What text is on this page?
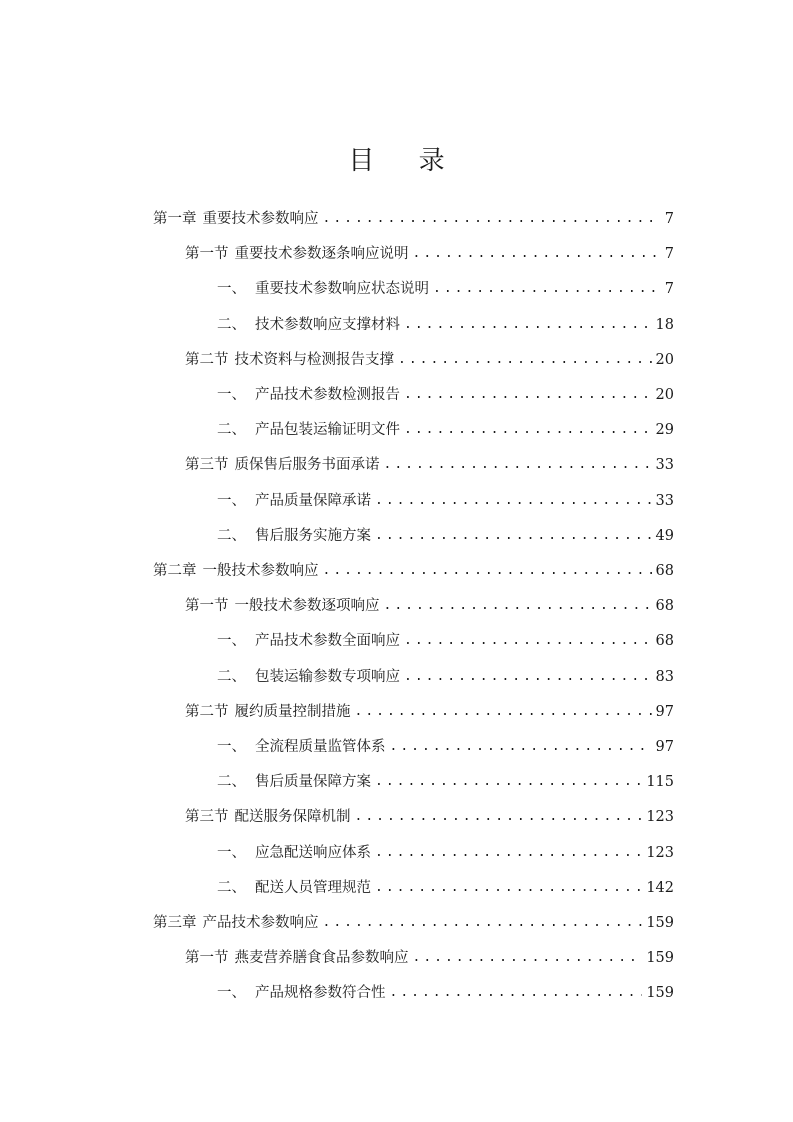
目 录
第一章 重要技术参数响应 .....	7
第一节 重要技术参数逐条响应说明 .....	7
一、 重要技术参数响应状态说明 .....	7
二、 技术参数响应支撑材料 .....	18
第二节 技术资料与检测报告支撑 .....	20
一、 产品技术参数检测报告 .....	20
二、 产品包装运输证明文件 .....	29
第三节 质保售后服务书面承诺 .....	33
一、 产品质量保障承诺 .....	33
二、 售后服务实施方案 .....	49
第二章 一般技术参数响应 .....	68
第一节 一般技术参数逐项响应 .....	68
一、 产品技术参数全面响应 .....	68
二、 包装运输参数专项响应 .....	83
第二节 履约质量控制措施 .....	97
一、 全流程质量监管体系 .....	97
二、 售后质量保障方案 .....	115
第三节 配送服务保障机制 .....	123
一、 应急配送响应体系 .....	123
二、 配送人员管理规范 .....	142
第三章 产品技术参数响应 .....	159
第一节 燕麦营养膳食食品参数响应 .....	159
一、 产品规格参数符合性 .....	159
